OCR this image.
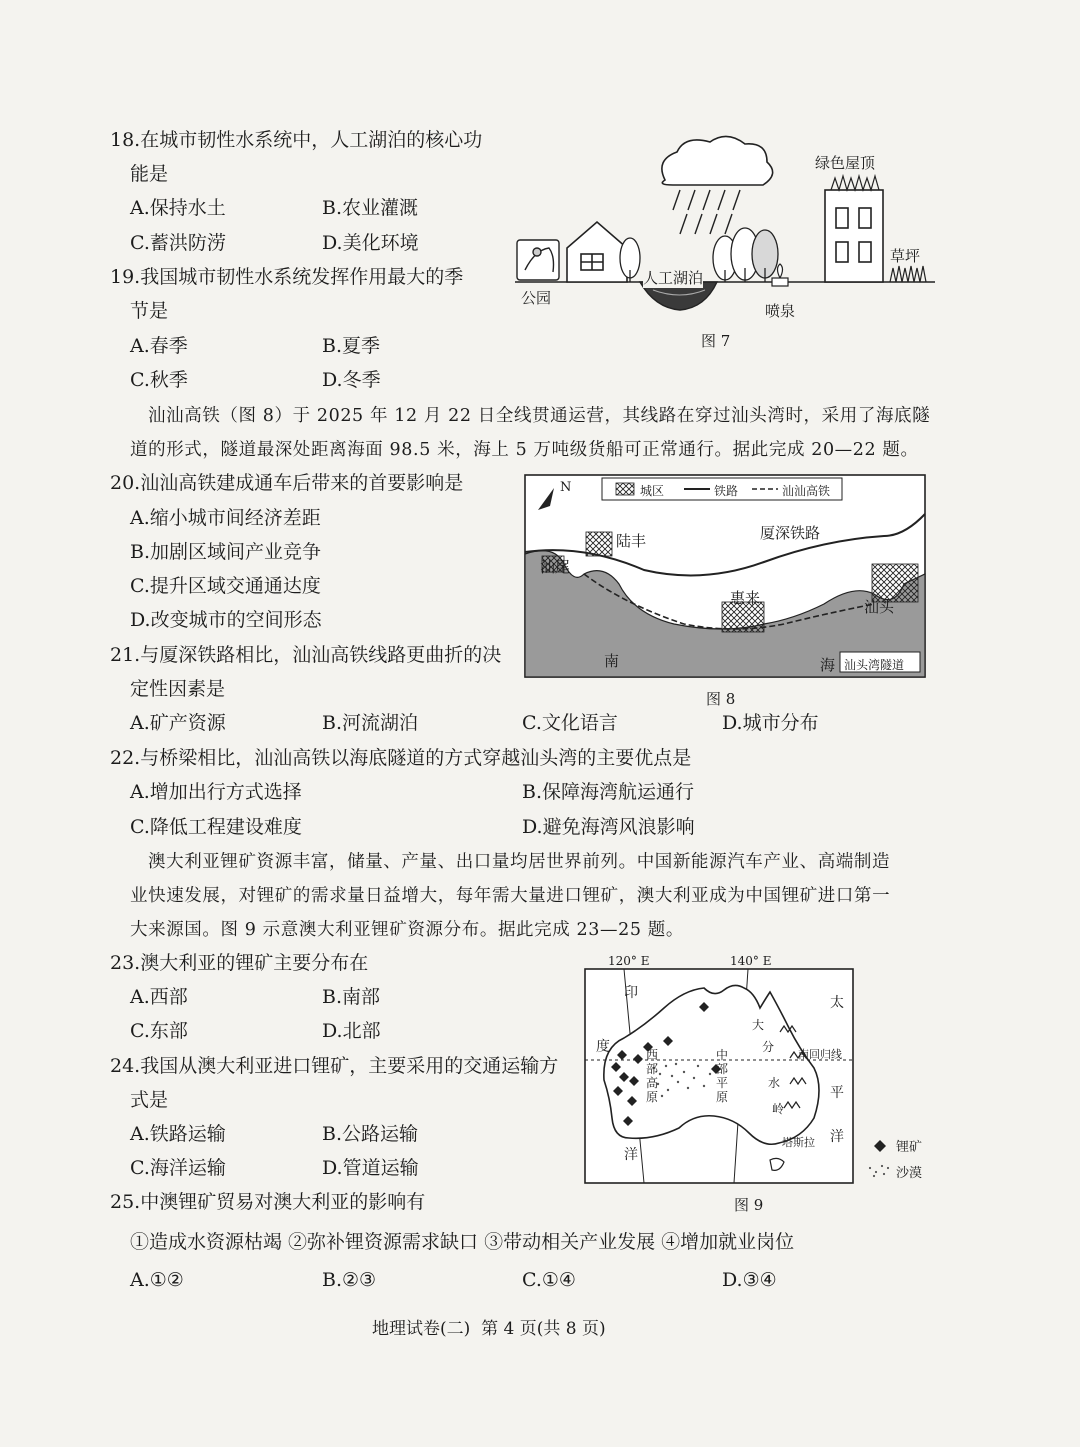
18.在城市韧性水系统中，人工湖泊的核心功
能是
A.保持水土	B.农业灌溉
C.蓄洪防涝	D.美化环境
19.我国城市韧性水系统发挥作用最大的季
节是
A.春季	B.夏季
C.秋季	D.冬季
绿色屋顶
草坪
公园
人工湖泊
喷泉
图 7
汕汕高铁（图 8）于 2025 年 12 月 22 日全线贯通运营，其线路在穿过汕头湾时，采用了海底隧
道的形式，隧道最深处距离海面 98.5 米，海上 5 万吨级货船可正常通行。据此完成 20—22 题。
20.汕汕高铁建成通车后带来的首要影响是
A.缩小城市间经济差距
B.加剧区域间产业竞争
C.提升区域交通通达度
D.改变城市的空间形态
21.与厦深铁路相比，汕汕高铁线路更曲折的决
定性因素是
A.矿产资源	B.河流湖泊	C.文化语言	D.城市分布
N	城区	铁路	汕汕高铁
陆丰
汕尾
厦深铁路
惠来	汕头
南	海 汕头湾隧道
图 8
22.与桥梁相比，汕汕高铁以海底隧道的方式穿越汕头湾的主要优点是
A.增加出行方式选择	B.保障海湾航运通行
C.降低工程建设难度	D.避免海湾风浪影响
澳大利亚锂矿资源丰富，储量、产量、出口量均居世界前列。中国新能源汽车产业、高端制造
业快速发展，对锂矿的需求量日益增大，每年需大量进口锂矿，澳大利亚成为中国锂矿进口第一
大来源国。图 9 示意澳大利亚锂矿资源分布。据此完成 23—25 题。
23.澳大利亚的锂矿主要分布在
A.西部	B.南部
C.东部	D.北部
24.我国从澳大利亚进口锂矿，主要采用的交通运输方
式是
A.铁路运输	B.公路运输
C.海洋运输	D.管道运输
120° E	140° E
印
度
洋
太
平
洋
西
部
高
原
中
部
平
原
大
分
水
岭
南回归线
塔斯拉	锂矿
沙漠
图 9
25.中澳锂矿贸易对澳大利亚的影响有
①造成水资源枯竭 ②弥补锂资源需求缺口 ③带动相关产业发展 ④增加就业岗位
A.①②	B.②③	C.①④	D.③④
地理试卷(二)  第 4 页(共 8 页)
